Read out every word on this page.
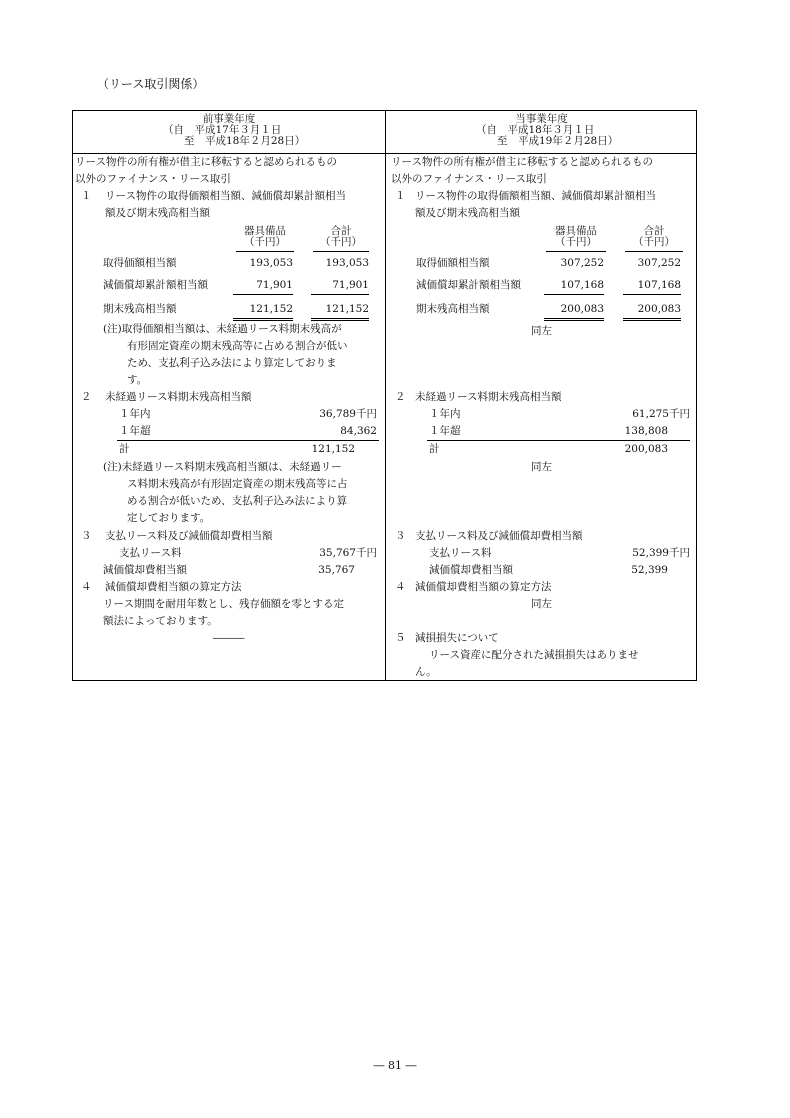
（リース取引関係）
前事業年度
（自　平成17年３月１日
至　平成18年２月28日）
リース物件の所有権が借主に移転すると認められるもの
以外のファイナンス・リース取引
１ リース物件の取得価額相当額、減価償却累計額相当
額及び期末残高相当額
器具備品
（千円）
合計
（千円）
取得価額相当額	193,053	193,053
減価償却累計額相当額	71,901	71,901
期末残高相当額	121,152	121,152
(注)取得価額相当額は、未経過リース料期末残高が
有形固定資産の期末残高等に占める割合が低い
ため、支払利子込み法により算定しておりま
す。
２ 未経過リース料期末残高相当額
１年内	36,789千円
１年超	84,362
計	121,152
(注)未経過リース料期末残高相当額は、未経過リー
ス料期末残高が有形固定資産の期末残高等に占
める割合が低いため、支払利子込み法により算
定しております。
３ 支払リース料及び減価償却費相当額
支払リース料	35,767千円
減価償却費相当額	35,767
４ 減価償却費相当額の算定方法
リース期間を耐用年数とし、残存価額を零とする定
額法によっております。
―――
当事業年度
（自　平成18年３月１日
至　平成19年２月28日）
リース物件の所有権が借主に移転すると認められるもの
以外のファイナンス・リース取引
１ リース物件の取得価額相当額、減価償却累計額相当
額及び期末残高相当額
器具備品
（千円）
合計
（千円）
取得価額相当額	307,252	307,252
減価償却累計額相当額	107,168	107,168
期末残高相当額	200,083	200,083
同左
２ 未経過リース料期末残高相当額
１年内	61,275千円
１年超	138,808
計	200,083
同左
３ 支払リース料及び減価償却費相当額
支払リース料	52,399千円
減価償却費相当額	52,399
４ 減価償却費相当額の算定方法
同左
５ 減損損失について
リース資産に配分された減損損失はありませ
ん。
― 81 ―
